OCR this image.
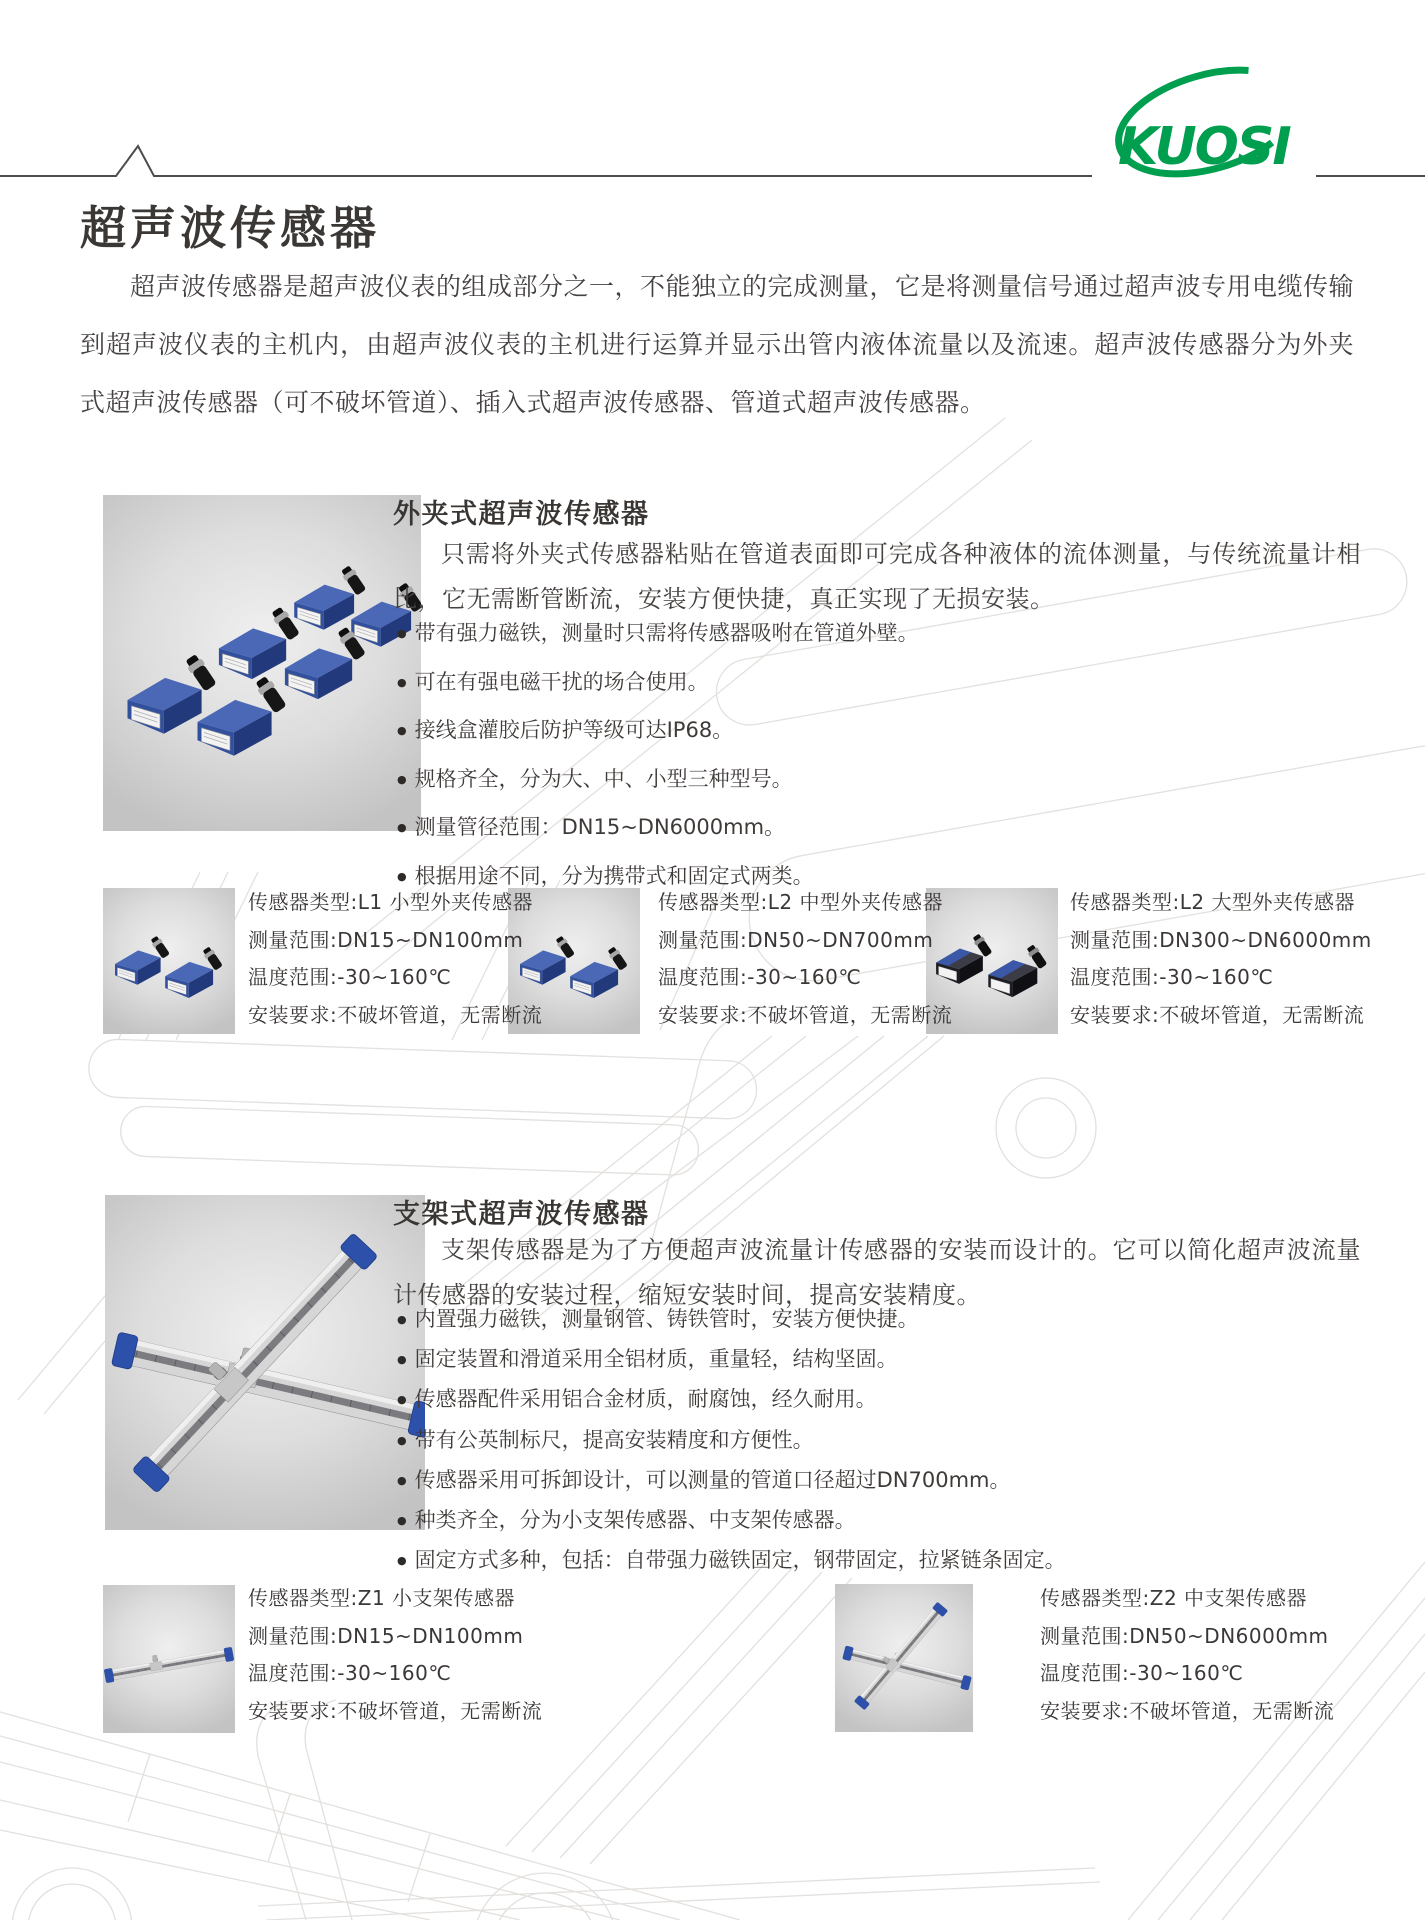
KUOSI
超声波传感器
超声波传感器是超声波仪表的组成部分之一，不能独立的完成测量，它是将测量信号通过超声波专用电缆传输到超声波仪表的主机内，由超声波仪表的主机进行运算并显示出管内液体流量以及流速。超声波传感器分为外夹式超声波传感器（可不破坏管道）、插入式超声波传感器、管道式超声波传感器。
外夹式超声波传感器
只需将外夹式传感器粘贴在管道表面即可完成各种液体的流体测量，与传统流量计相比，它无需断管断流，安装方便快捷，真正实现了无损安装。
● 带有强力磁铁，测量时只需将传感器吸咐在管道外壁。
● 可在有强电磁干扰的场合使用。
● 接线盒灌胶后防护等级可达IP68。
● 规格齐全，分为大、中、小型三种型号。
● 测量管径范围：DN15~DN6000mm。
● 根据用途不同，分为携带式和固定式两类。
传感器类型:L1 小型外夹传感器
测量范围:DN15~DN100mm
温度范围:-30~160℃
安装要求:不破坏管道，无需断流
传感器类型:L2 中型外夹传感器
测量范围:DN50~DN700mm
温度范围:-30~160℃
安装要求:不破坏管道，无需断流
传感器类型:L2 大型外夹传感器
测量范围:DN300~DN6000mm
温度范围:-30~160℃
安装要求:不破坏管道，无需断流
支架式超声波传感器
支架传感器是为了方便超声波流量计传感器的安装而设计的。它可以简化超声波流量计传感器的安装过程，缩短安装时间，提高安装精度。
● 内置强力磁铁，测量钢管、铸铁管时，安装方便快捷。
● 固定装置和滑道采用全铝材质，重量轻，结构坚固。
● 传感器配件采用铝合金材质，耐腐蚀，经久耐用。
● 带有公英制标尺，提高安装精度和方便性。
● 传感器采用可拆卸设计，可以测量的管道口径超过DN700mm。
● 种类齐全，分为小支架传感器、中支架传感器。
● 固定方式多种，包括：自带强力磁铁固定，钢带固定，拉紧链条固定。
传感器类型:Z1 小支架传感器
测量范围:DN15~DN100mm
温度范围:-30~160℃
安装要求:不破坏管道，无需断流
传感器类型:Z2 中支架传感器
测量范围:DN50~DN6000mm
温度范围:-30~160℃
安装要求:不破坏管道，无需断流
